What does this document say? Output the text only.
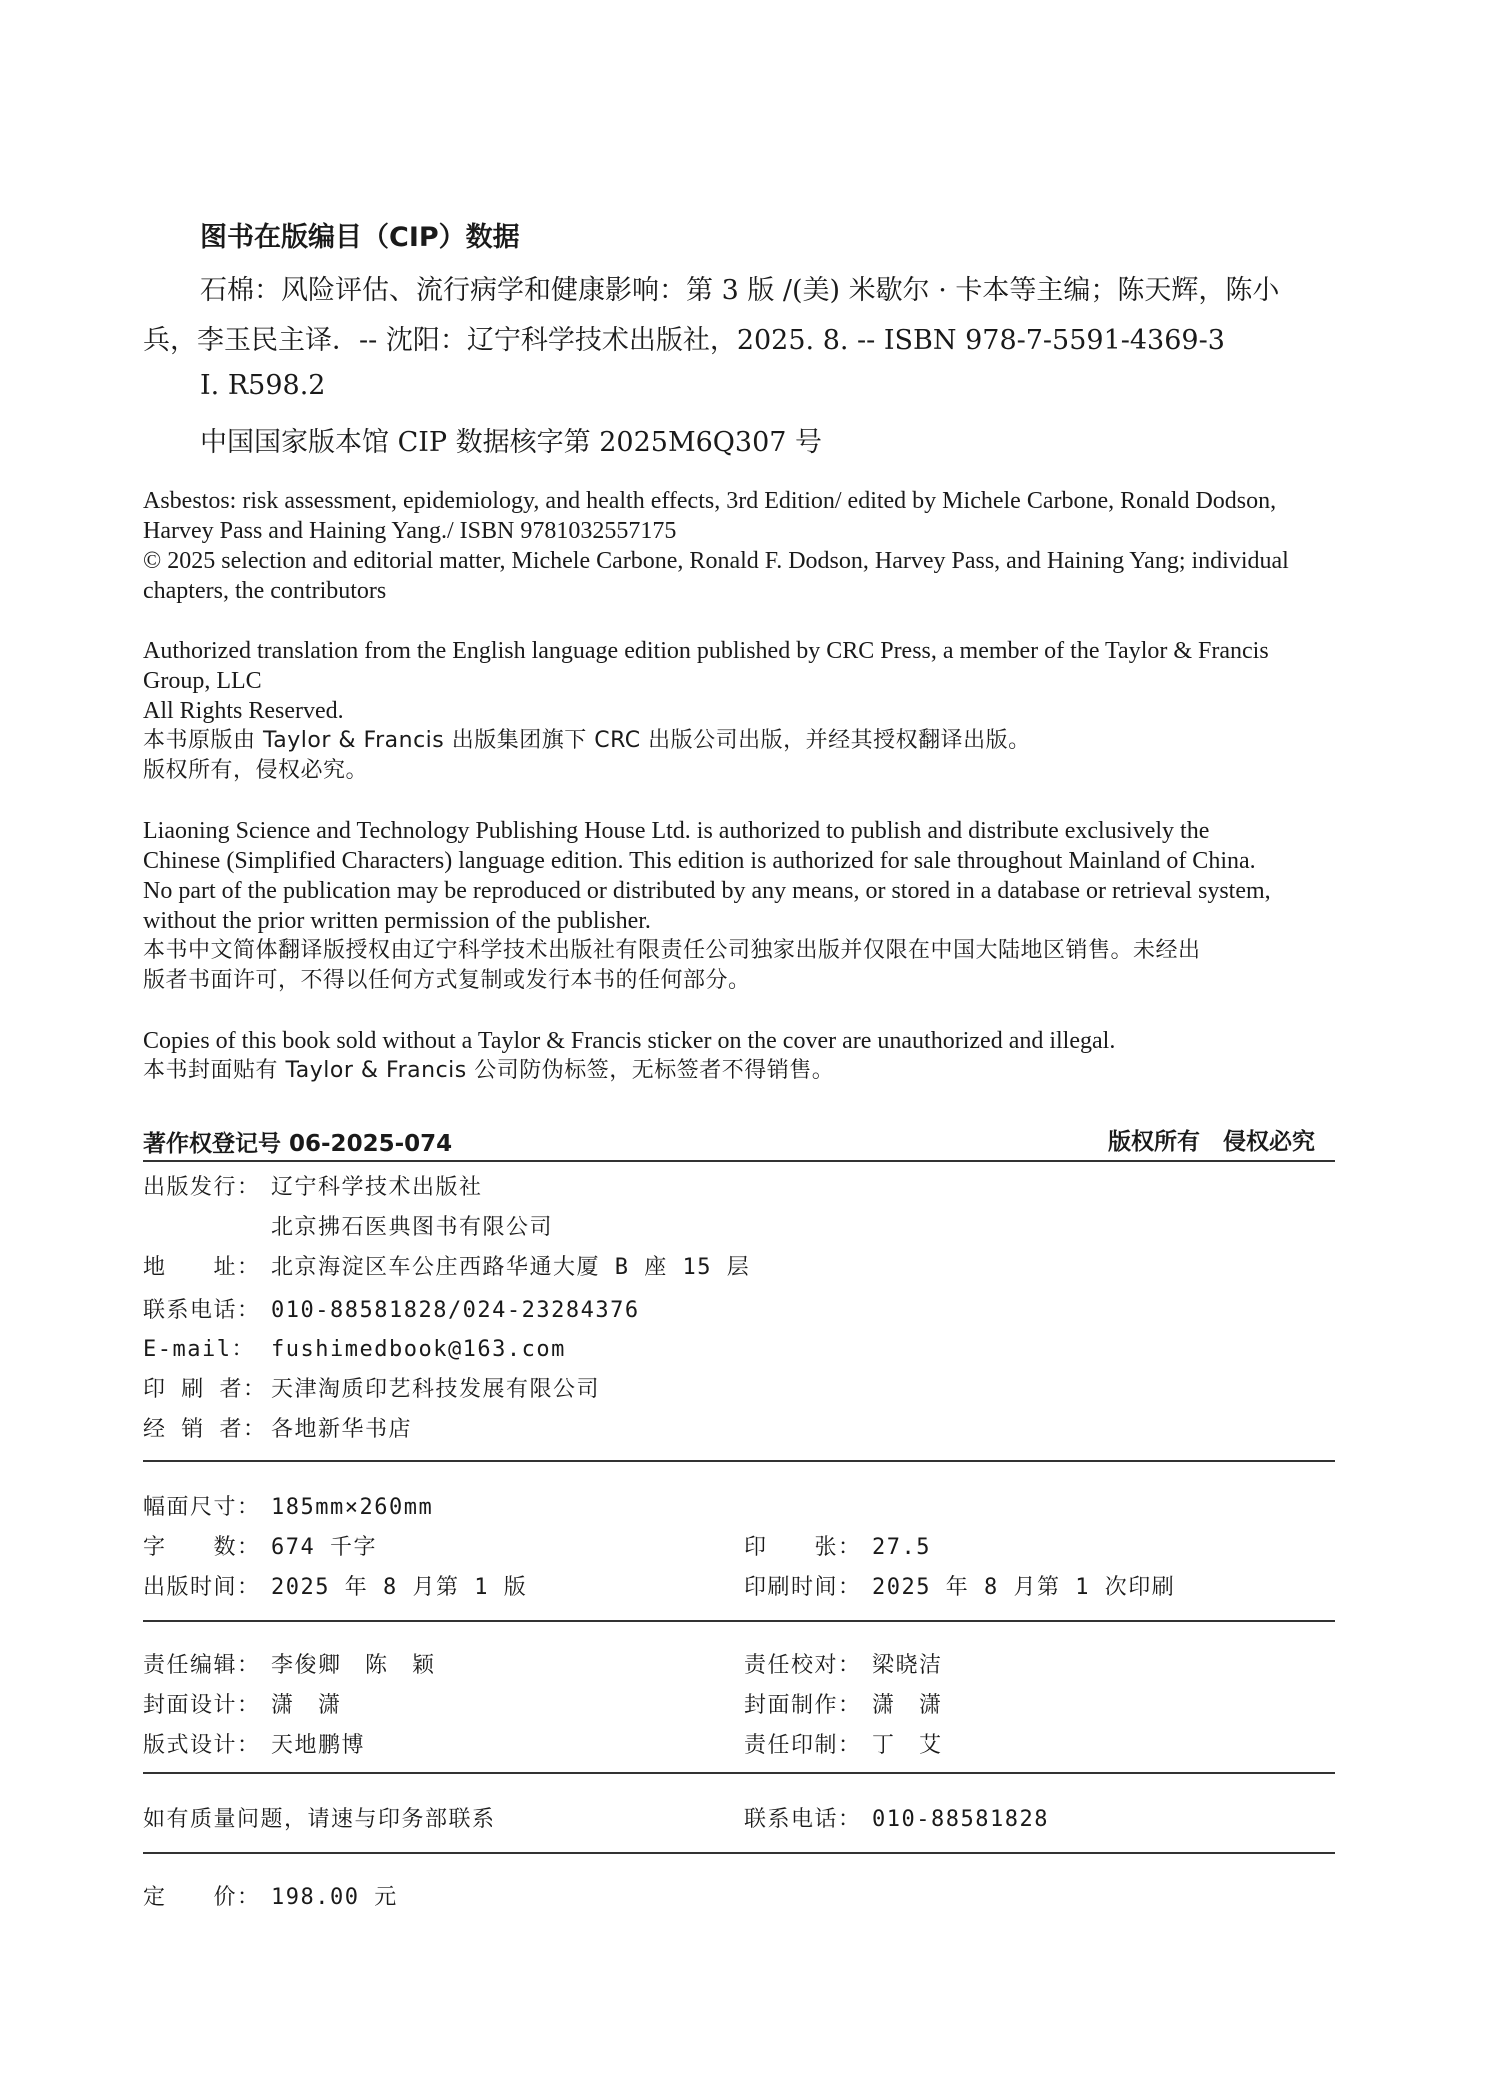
图书在版编目（CIP）数据
石棉：风险评估、流行病学和健康影响：第 3 版 /(美) 米歇尔 · 卡本等主编；陈天辉，陈小
兵，李玉民主译．-- 沈阳：辽宁科学技术出版社，2025. 8. -- ISBN 978-7-5591-4369-3
Ⅰ. R598.2
中国国家版本馆 CIP 数据核字第 2025M6Q307 号
Asbestos: risk assessment, epidemiology, and health effects, 3rd Edition/ edited by Michele Carbone, Ronald Dodson,
Harvey Pass and Haining Yang./ ISBN 9781032557175
© 2025 selection and editorial matter, Michele Carbone, Ronald F. Dodson, Harvey Pass, and Haining Yang; individual
chapters, the contributors
Authorized translation from the English language edition published by CRC Press, a member of the Taylor & Francis
Group, LLC
All Rights Reserved.
本书原版由 Taylor & Francis 出版集团旗下 CRC 出版公司出版，并经其授权翻译出版。
版权所有，侵权必究。
Liaoning Science and Technology Publishing House Ltd. is authorized to publish and distribute exclusively the
Chinese (Simplified Characters) language edition. This edition is authorized for sale throughout Mainland of China.
No part of the publication may be reproduced or distributed by any means, or stored in a database or retrieval system,
without the prior written permission of the publisher.
本书中文简体翻译版授权由辽宁科学技术出版社有限责任公司独家出版并仅限在中国大陆地区销售。未经出
版者书面许可，不得以任何方式复制或发行本书的任何部分。
Copies of this book sold without a Taylor & Francis sticker on the cover are unauthorized and illegal.
本书封面贴有 Taylor & Francis 公司防伪标签，无标签者不得销售。
著作权登记号 06-2025-074	版权所有　侵权必究
出版发行： 辽宁科学技术出版社
北京拂石医典图书有限公司
地　　址： 北京海淀区车公庄西路华通大厦 B 座 15 层
联系电话： 010-88581828/024-23284376
E-mail： fushimedbook@163.com
印 刷 者： 天津淘质印艺科技发展有限公司
经 销 者： 各地新华书店
幅面尺寸： 185mm×260mm
字　　数： 674 千字	印　　张： 27.5
出版时间： 2025 年 8 月第 1 版	印刷时间： 2025 年 8 月第 1 次印刷
责任编辑： 李俊卿　陈　颖	责任校对： 梁晓洁
封面设计： 潇　潇	封面制作： 潇　潇
版式设计： 天地鹏博	责任印制： 丁　艾
如有质量问题，请速与印务部联系	联系电话： 010-88581828
定　　价： 198.00 元
